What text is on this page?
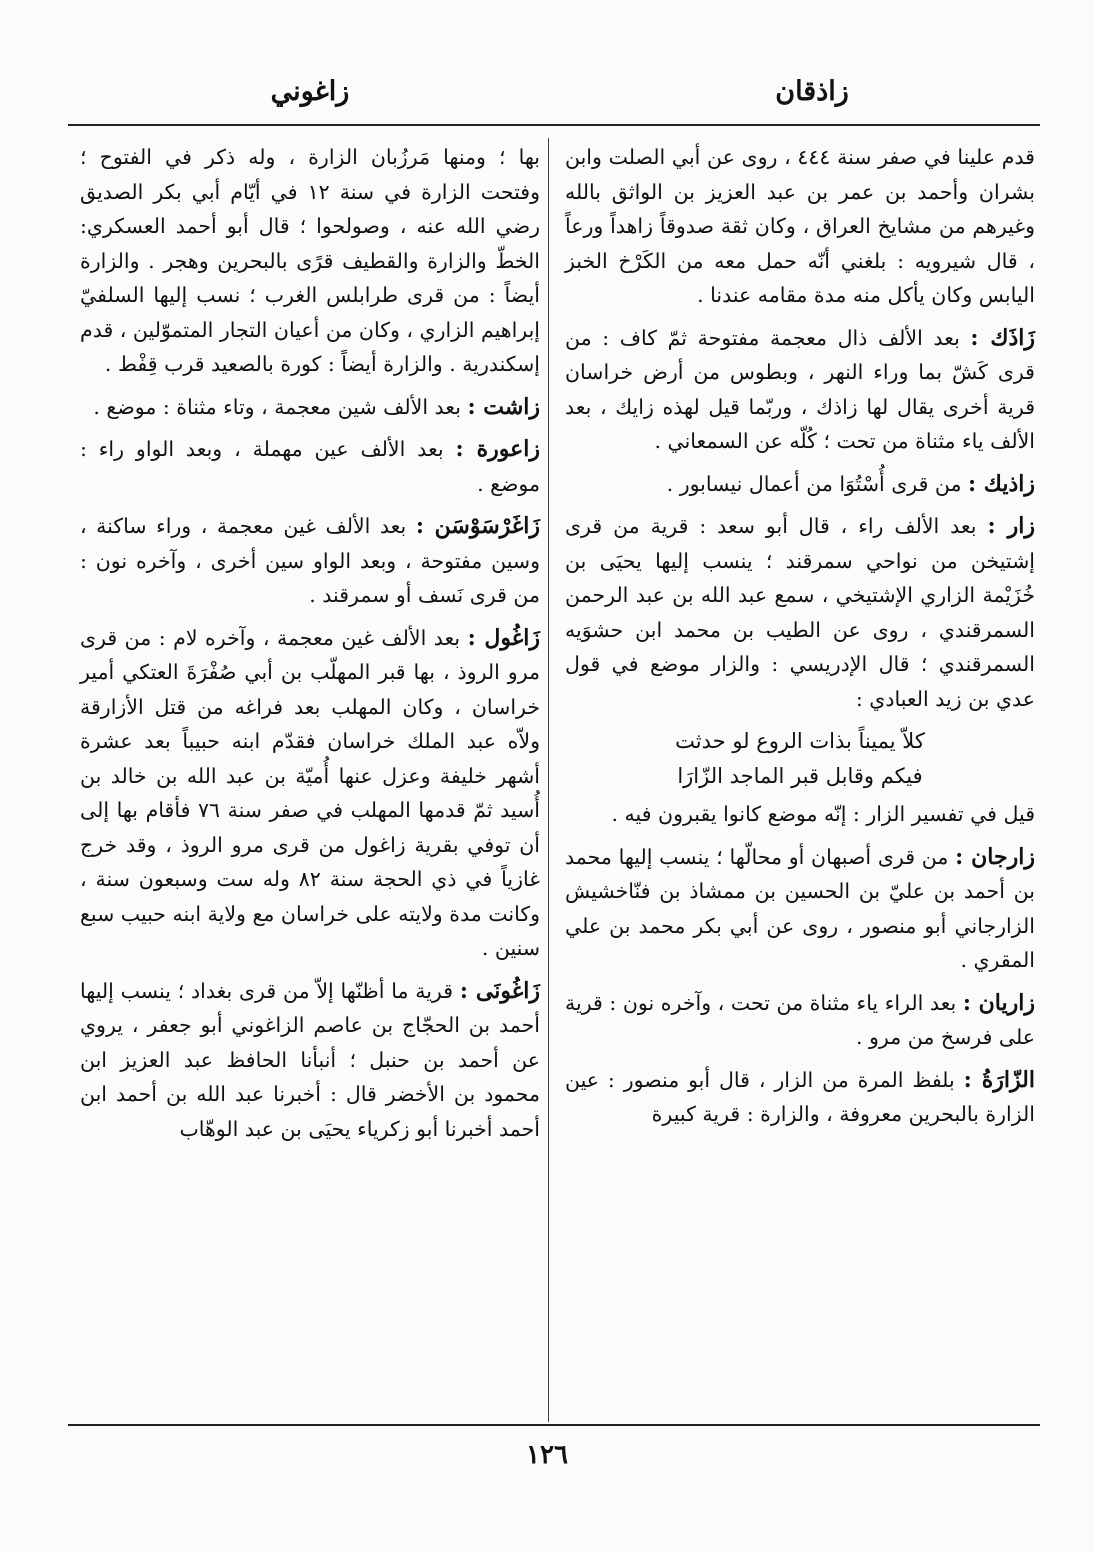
زاذقان
زاغوني

قدم علينا في صفر سنة ٤٤٤ ، روى عن أبي الصلت وابن بشران وأحمد بن عمر بن عبد العزيز بن الواثق بالله وغيرهم من مشايخ العراق ، وكان ثقة صدوقاً زاهداً ورعاً ، قال شيرويه : بلغني أنّه حمل معه من الكَرْخ الخبز اليابس وكان يأكل منه مدة مقامه عندنا .

زَاذَك : بعد الألف ذال معجمة مفتوحة ثمّ كاف : من قرى كَشّ بما وراء النهر ، وبطوس من أرض خراسان قرية أخرى يقال لها زاذك ، وربّما قيل لهذه زايك ، بعد الألف ياء مثناة من تحت ؛ كُلّه عن السمعاني .

زاذيك : من قرى أُسْتُوَا من أعمال نيسابور .

زار : بعد الألف راء ، قال أبو سعد : قرية من قرى إشتيخن من نواحي سمرقند ؛ ينسب إليها يحيَى بن خُزَيْمة الزاري الإشتيخي ، سمع عبد الله بن عبد الرحمن السمرقندي ، روى عن الطيب بن محمد ابن حشوَيه السمرقندي ؛ قال الإدريسي : والزار موضع في قول عدي بن زيد العبادي :

كلاّ يميناً بذات الروع لو حدثت
فيكم وقابل قبر الماجد الزّارَا

قيل في تفسير الزار : إنّه موضع كانوا يقبرون فيه .

زارجان : من قرى أصبهان أو محالّها ؛ ينسب إليها محمد بن أحمد بن عليّ بن الحسين بن ممشاذ بن فنّاخشيش الزارجاني أبو منصور ، روى عن أبي بكر محمد بن علي المقري .

زاريان : بعد الراء ياء مثناة من تحت ، وآخره نون : قرية على فرسخ من مرو .

الزّارَةُ : بلفظ المرة من الزار ، قال أبو منصور : عين الزارة بالبحرين معروفة ، والزارة : قرية كبيرة

بها ؛ ومنها مَرزُبان الزارة ، وله ذكر في الفتوح ؛ وفتحت الزارة في سنة ١٢ في أيّام أبي بكر الصديق رضي الله عنه ، وصولحوا ؛ قال أبو أحمد العسكري: الخطّ والزارة والقطيف قرًى بالبحرين وهجر . والزارة أيضاً : من قرى طرابلس الغرب ؛ نسب إليها السلفيّ إبراهيم الزاري ، وكان من أعيان التجار المتموّلين ، قدم إسكندرية . والزارة أيضاً : كورة بالصعيد قرب قِفْط .

زاشت : بعد الألف شين معجمة ، وتاء مثناة : موضع .

زاعورة : بعد الألف عين مهملة ، وبعد الواو راء : موضع .

زَاغَرْسَوْسَن : بعد الألف غين معجمة ، وراء ساكنة ، وسين مفتوحة ، وبعد الواو سين أخرى ، وآخره نون : من قرى نَسف أو سمرقند .

زَاغُول : بعد الألف غين معجمة ، وآخره لام : من قرى مرو الروذ ، بها قبر المهلّب بن أبي صُفْرَةَ العتكي أمير خراسان ، وكان المهلب بعد فراغه من قتل الأزارقة ولاّه عبد الملك خراسان فقدّم ابنه حبيباً بعد عشرة أشهر خليفة وعزل عنها أُميّة بن عبد الله بن خالد بن أُسيد ثمّ قدمها المهلب في صفر سنة ٧٦ فأقام بها إلى أن توفي بقرية زاغول من قرى مرو الروذ ، وقد خرج غازياً في ذي الحجة سنة ٨٢ وله ست وسبعون سنة ، وكانت مدة ولايته على خراسان مع ولاية ابنه حبيب سبع سنين .

زَاغُونَى : قرية ما أظنّها إلاّ من قرى بغداد ؛ ينسب إليها أحمد بن الحجّاج بن عاصم الزاغوني أبو جعفر ، يروي عن أحمد بن حنبل ؛ أنبأنا الحافظ عبد العزيز ابن محمود بن الأخضر قال : أخبرنا عبد الله بن أحمد ابن أحمد أخبرنا أبو زكرياء يحيَى بن عبد الوهّاب

١٢٦
